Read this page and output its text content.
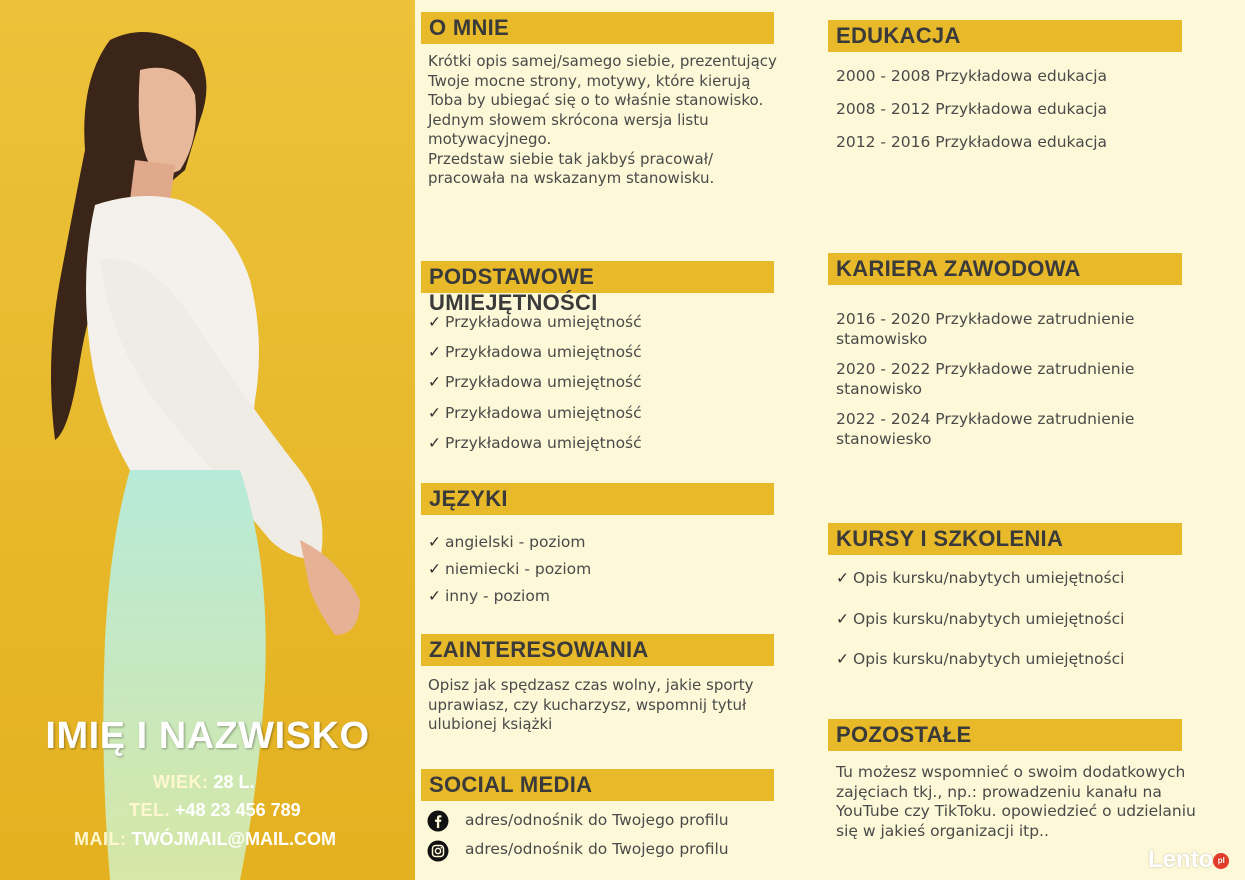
IMIĘ I NAZWISKO
WIEK: 28 L.
TEL. +48 23 456 789
MAIL: TWÓJMAIL@MAIL.COM
O MNIE
Krótki opis samej/samego siebie, prezentujący
Twoje mocne strony, motywy, które kierują
Toba by ubiegać się o to właśnie stanowisko.
Jednym słowem skrócona wersja listu
motywacyjnego.
Przedstaw siebie tak jakbyś pracował/
pracowała na wskazanym stanowisku.
PODSTAWOWE UMIEJĘTNOŚCI
✓ Przykładowa umiejętność
✓ Przykładowa umiejętność
✓ Przykładowa umiejętność
✓ Przykładowa umiejętność
✓ Przykładowa umiejętność
JĘZYKI
✓ angielski - poziom
✓ niemiecki - poziom
✓ inny - poziom
ZAINTERESOWANIA
Opisz jak spędzasz czas wolny, jakie sporty
uprawiasz, czy kucharzysz, wspomnij tytuł
ulubionej książki
SOCIAL MEDIA
adres/odnośnik do Twojego profilu
adres/odnośnik do Twojego profilu
EDUKACJA
2000 - 2008 Przykładowa edukacja
2008 - 2012 Przykładowa edukacja
2012 - 2016 Przykładowa edukacja
KARIERA ZAWODOWA
2016 - 2020 Przykładowe zatrudnienie
stamowisko
2020 - 2022 Przykładowe zatrudnienie
stanowisko
2022 - 2024 Przykładowe zatrudnienie
stanowiesko
KURSY I SZKOLENIA
✓ Opis kursku/nabytych umiejętności
✓ Opis kursku/nabytych umiejętności
✓ Opis kursku/nabytych umiejętności
POZOSTAŁE
Tu możesz wspomnieć o swoim dodatkowych
zajęciach tkj., np.: prowadzeniu kanału na
YouTube czy TikToku. opowiedzieć o udzielaniu
się w jakieś organizacji itp..
Lento pl
